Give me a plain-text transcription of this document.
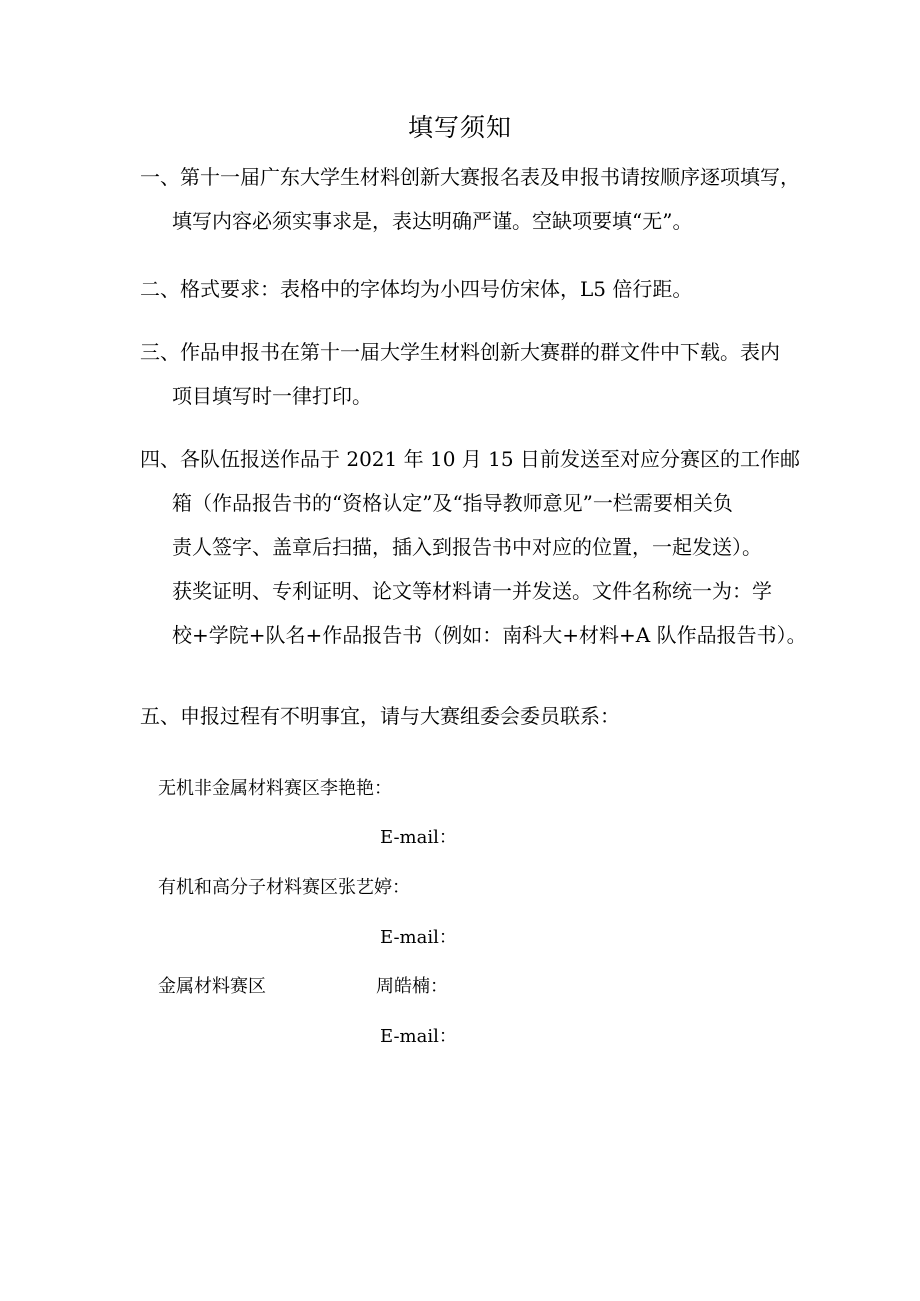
填写须知
一、第十一届广东大学生材料创新大赛报名表及申报书请按顺序逐项填写，
填写内容必须实事求是，表达明确严谨。空缺项要填“无”。
二、格式要求：表格中的字体均为小四号仿宋体，L5 倍行距。
三、作品申报书在第十一届大学生材料创新大赛群的群文件中下载。表内
项目填写时一律打印。
四、各队伍报送作品于 2021 年 10 月 15 日前发送至对应分赛区的工作邮
箱（作品报告书的“资格认定”及“指导教师意见”一栏需要相关负
责人签字、盖章后扫描，插入到报告书中对应的位置，一起发送）。
获奖证明、专利证明、论文等材料请一并发送。文件名称统一为：学
校+学院+队名+作品报告书（例如：南科大+材料+A 队作品报告书）。
五、申报过程有不明事宜，请与大赛组委会委员联系：
无机非金属材料赛区李艳艳：
E-mail：
有机和高分子材料赛区张艺婷：
E-mail：
金属材料赛区	周皓楠：
E-mail：
